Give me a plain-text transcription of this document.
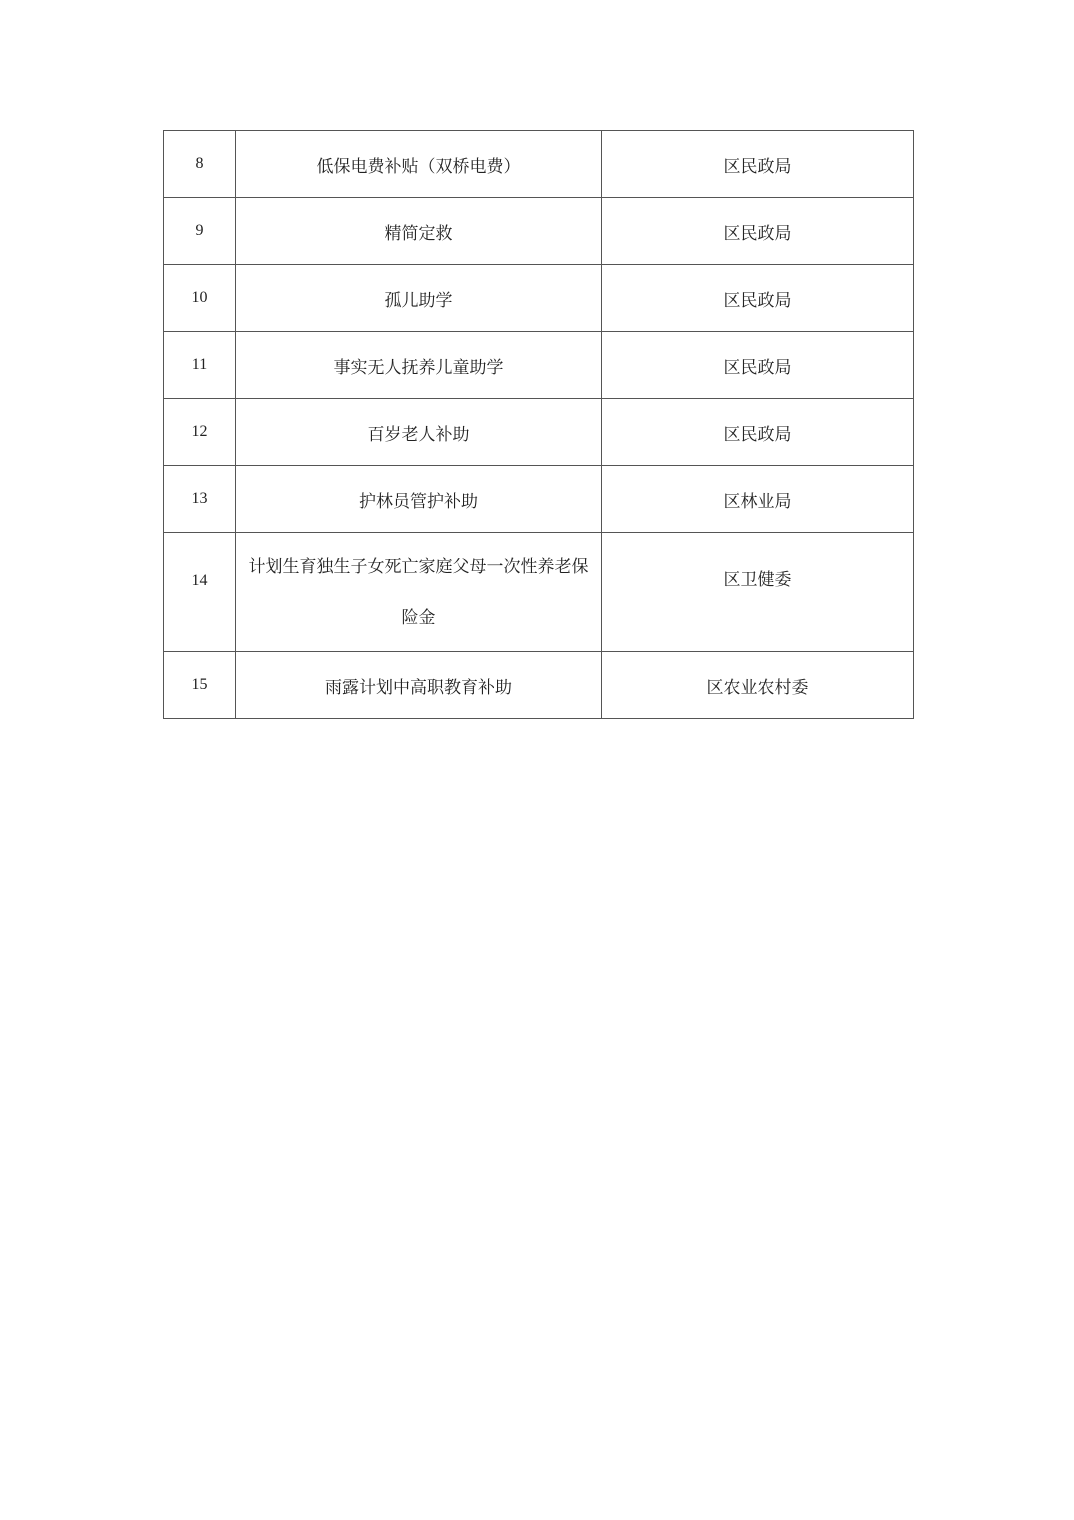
8	低保电费补贴（双桥电费）	区民政局
9	精简定救	区民政局
10	孤儿助学	区民政局
11	事实无人抚养儿童助学	区民政局
12	百岁老人补助	区民政局
13	护林员管护补助	区林业局

14	计划生育独生子女死亡家庭父母一次性养老保险金	区卫健委

15	雨露计划中高职教育补助	区农业农村委
